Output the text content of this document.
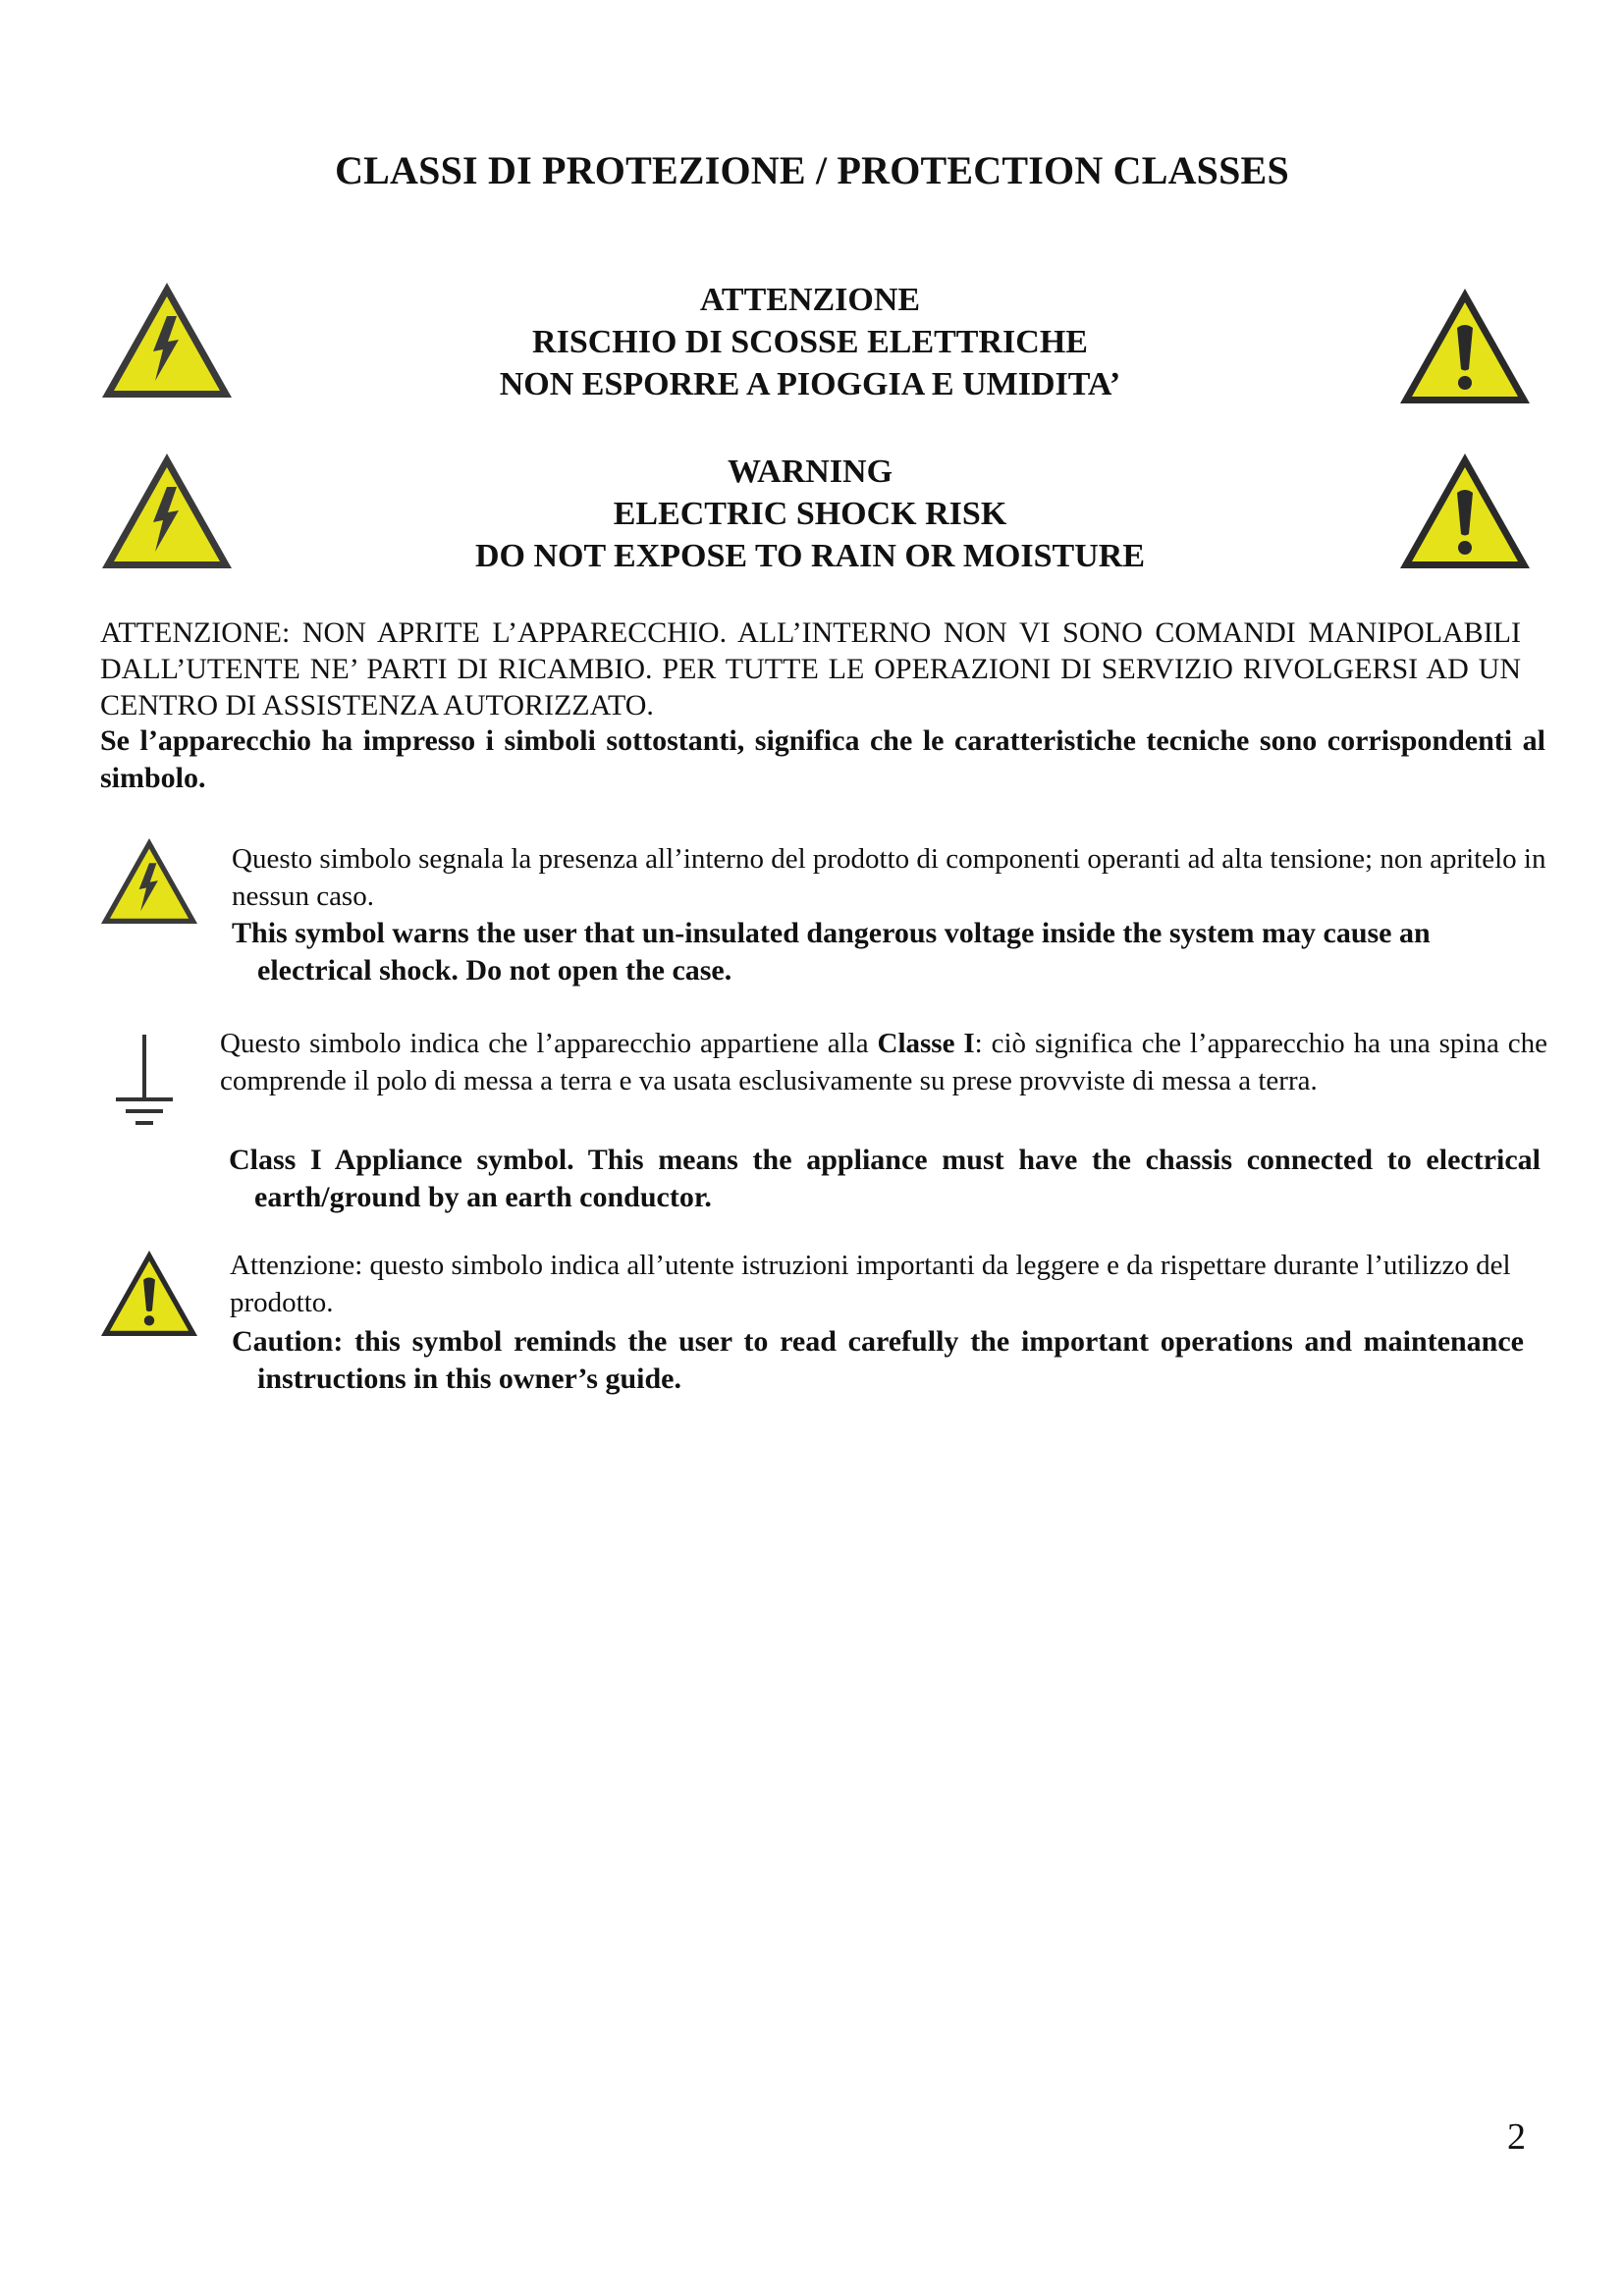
CLASSI DI PROTEZIONE / PROTECTION CLASSES
ATTENZIONE
RISCHIO DI SCOSSE ELETTRICHE
NON ESPORRE A PIOGGIA E UMIDITA’
WARNING
ELECTRIC SHOCK RISK
DO NOT EXPOSE TO RAIN OR MOISTURE
ATTENZIONE: NON APRITE L’APPARECCHIO. ALL’INTERNO NON VI SONO COMANDI MANIPOLABILI DALL’UTENTE NE’ PARTI DI RICAMBIO. PER TUTTE LE OPERAZIONI DI SERVIZIO RIVOLGERSI AD UN CENTRO DI ASSISTENZA AUTORIZZATO.
Se l’apparecchio ha impresso i simboli sottostanti, significa che le caratteristiche tecniche sono corrispondenti al simbolo.
Questo simbolo segnala la presenza all’interno del prodotto di componenti operanti ad alta tensione; non apritelo in nessun caso.
This symbol warns the user that un-insulated dangerous voltage inside the system may cause an electrical shock. Do not open the case.
Questo simbolo indica che l’apparecchio appartiene alla Classe I: ciò significa che l’apparecchio ha una spina che comprende il polo di messa a terra e va usata esclusivamente su prese provviste di messa a terra.
Class I Appliance symbol. This means the appliance must have the chassis connected to electrical earth/ground by an earth conductor.
Attenzione: questo simbolo indica all’utente istruzioni importanti da leggere e da rispettare durante l’utilizzo del prodotto.
Caution: this symbol reminds the user to read carefully the important operations and maintenance instructions in this owner’s guide.
2
